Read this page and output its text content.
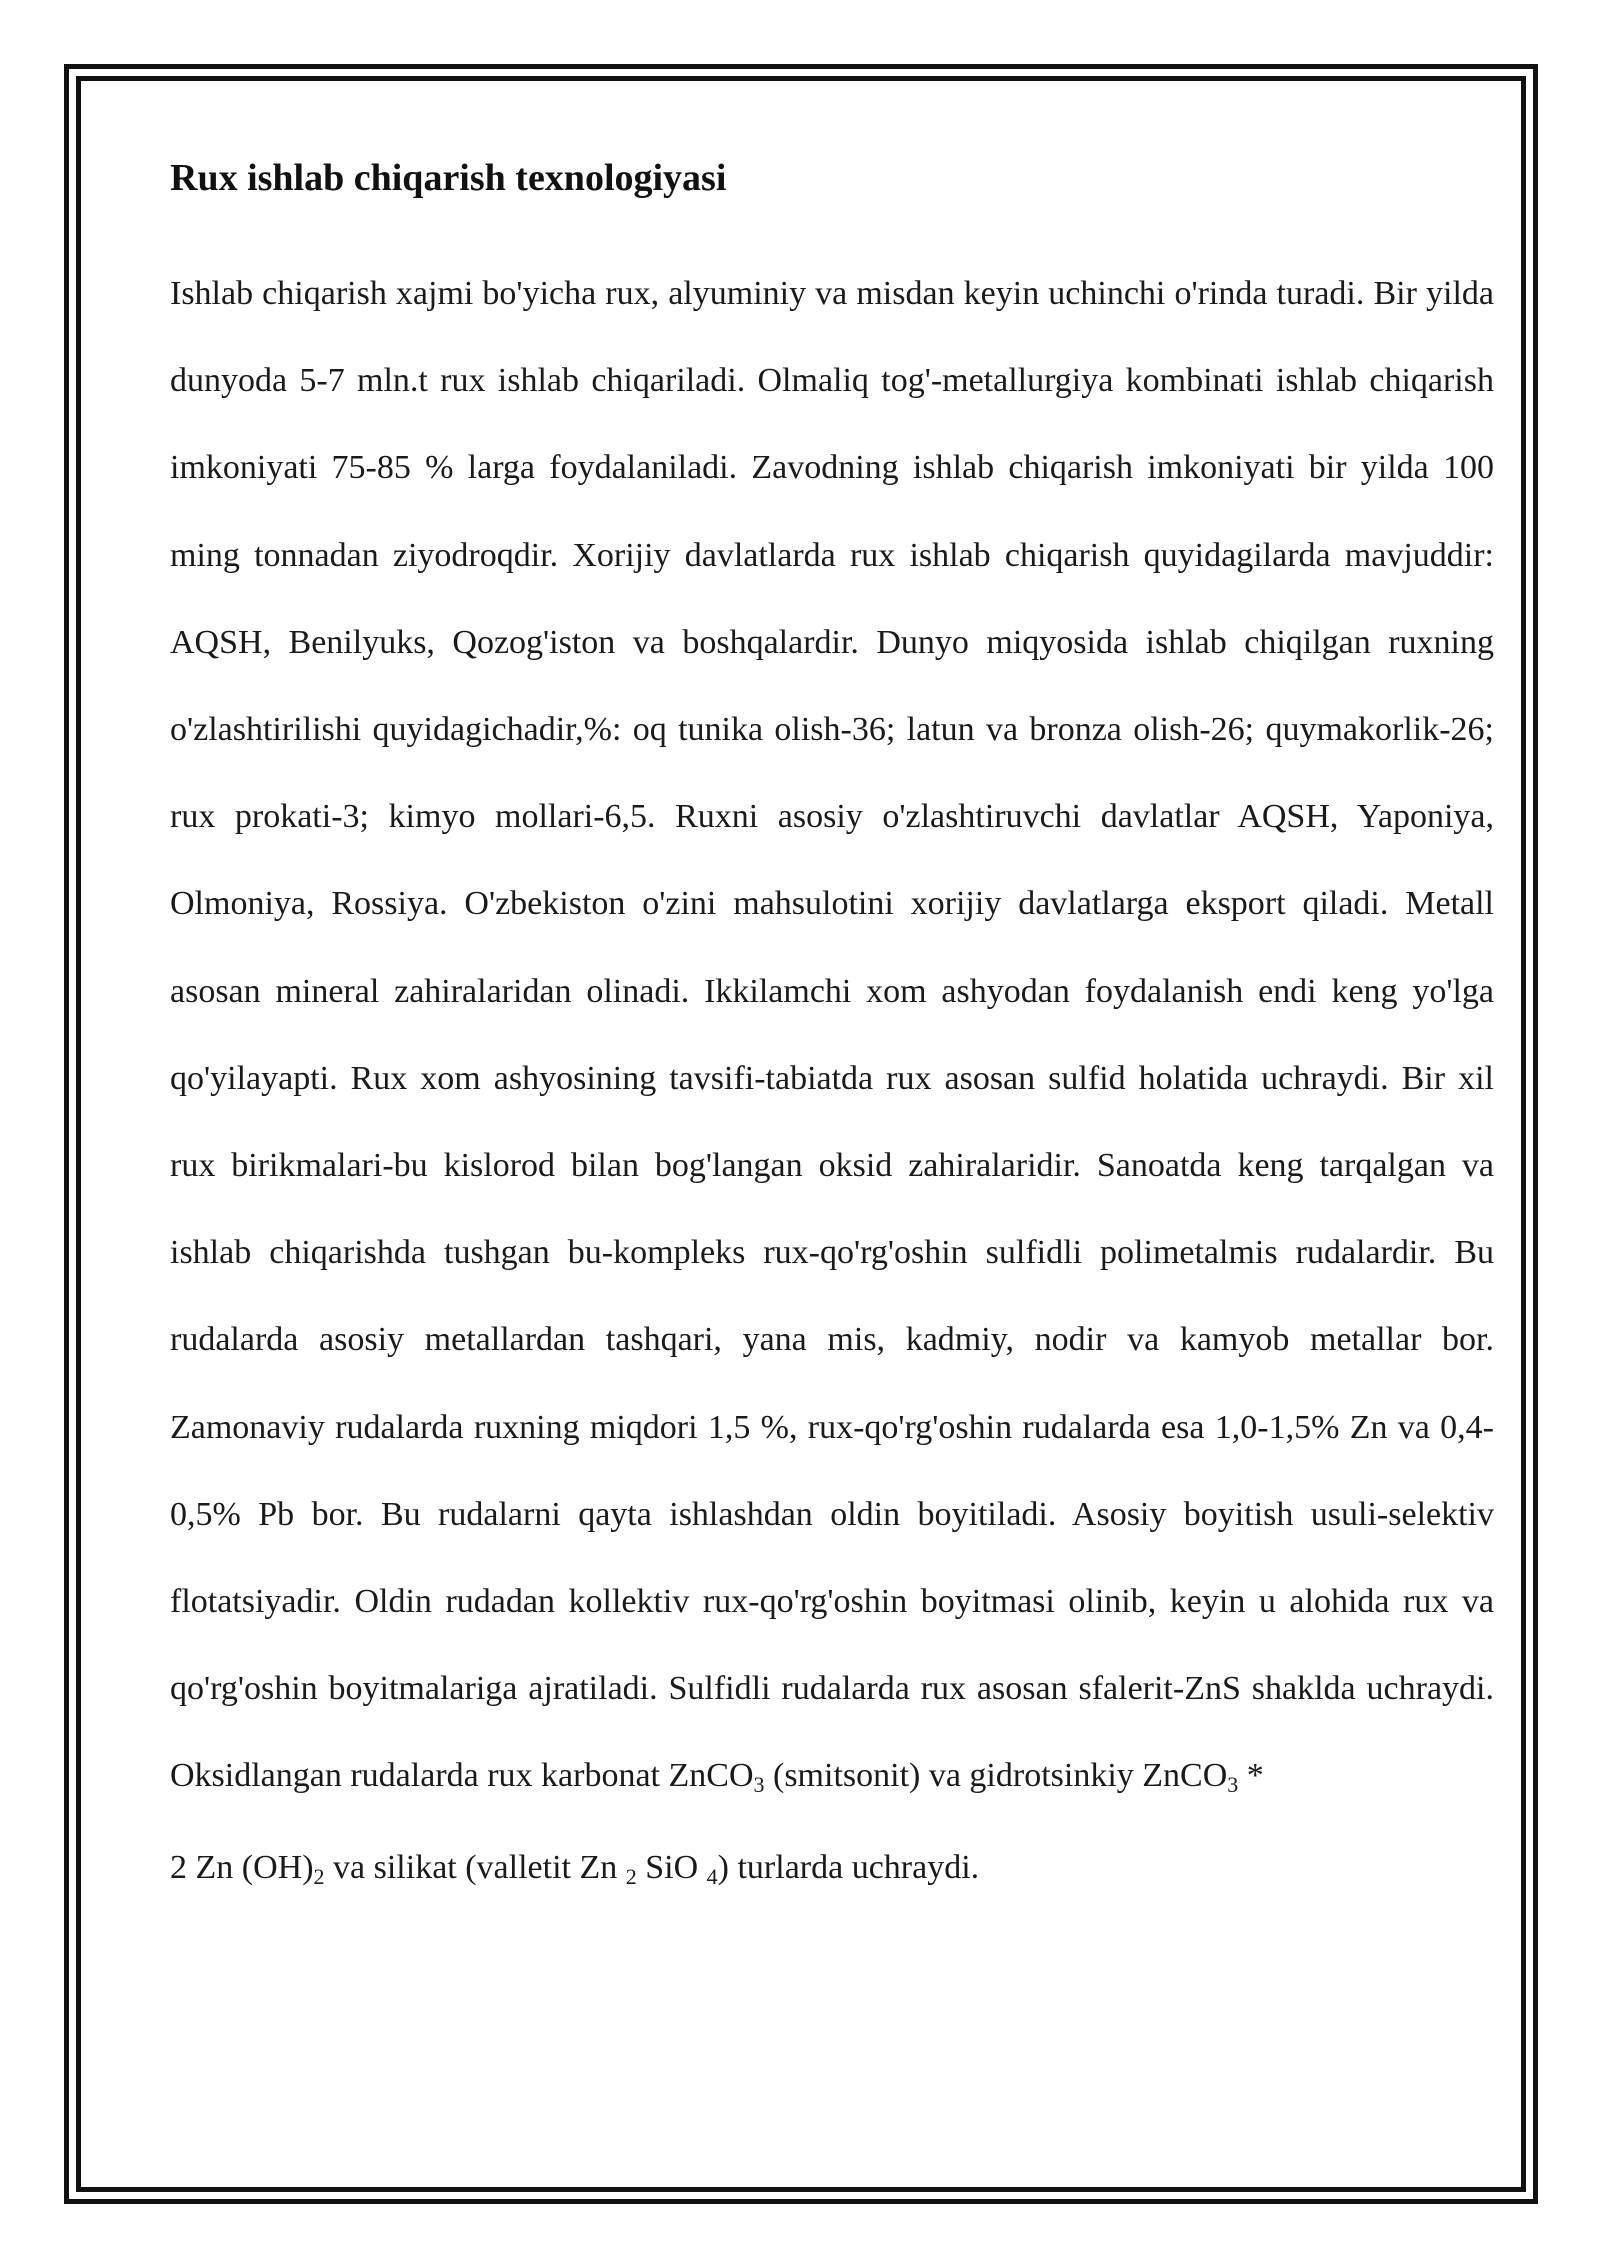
Rux ishlab chiqarish texnologiyasi

Ishlab chiqarish xajmi bo'yicha rux, alyuminiy va misdan keyin uchinchi o'rinda turadi. Bir yilda dunyoda 5-7 mln.t rux ishlab chiqariladi. Olmaliq tog'-metallurgiya kombinati ishlab chiqarish imkoniyati 75-85 % larga foydalaniladi. Zavodning ishlab chiqarish imkoniyati bir yilda 100 ming tonnadan ziyodroqdir. Xorijiy davlatlarda rux ishlab chiqarish quyidagilarda mavjuddir: AQSH, Benilyuks, Qozog'iston va boshqalardir. Dunyo miqyosida ishlab chiqilgan ruxning o'zlashtirilishi quyidagichadir,%: oq tunika olish-36; latun va bronza olish-26; quymakorlik-26; rux prokati-3; kimyo mollari-6,5. Ruxni asosiy o'zlashtiruvchi davlatlar AQSH, Yaponiya, Olmoniya, Rossiya. O'zbekiston o'zini mahsulotini xorijiy davlatlarga eksport qiladi. Metall asosan mineral zahiralaridan olinadi. Ikkilamchi xom ashyodan foydalanish endi keng yo'lga qo'yilayapti. Rux xom ashyosining tavsifi-tabiatda rux asosan sulfid holatida uchraydi. Bir xil rux birikmalari-bu kislorod bilan bog'langan oksid zahiralaridir. Sanoatda keng tarqalgan va ishlab chiqarishda tushgan bu-kompleks rux-qo'rg'oshin sulfidli polimetalmis rudalardir. Bu rudalarda asosiy metallardan tashqari, yana mis, kadmiy, nodir va kamyob metallar bor. Zamonaviy rudalarda ruxning miqdori 1,5 %, rux-qo'rg'oshin rudalarda esa 1,0-1,5% Zn va 0,4-0,5% Pb bor. Bu rudalarni qayta ishlashdan oldin boyitiladi. Asosiy boyitish usuli-selektiv flotatsiyadir. Oldin rudadan kollektiv rux-qo'rg'oshin boyitmasi olinib, keyin u alohida rux va qo'rg'oshin boyitmalariga ajratiladi. Sulfidli rudalarda rux asosan sfalerit-ZnS shaklda uchraydi. Oksidlangan rudalarda rux karbonat ZnCO$_3$ (smitsonit) va gidrotsinkiy ZnCO$_3$ *

2 Zn $(OH)_2$ va silikat (valletit Zn $_2$ SiO $_4$) turlarda uchraydi.
